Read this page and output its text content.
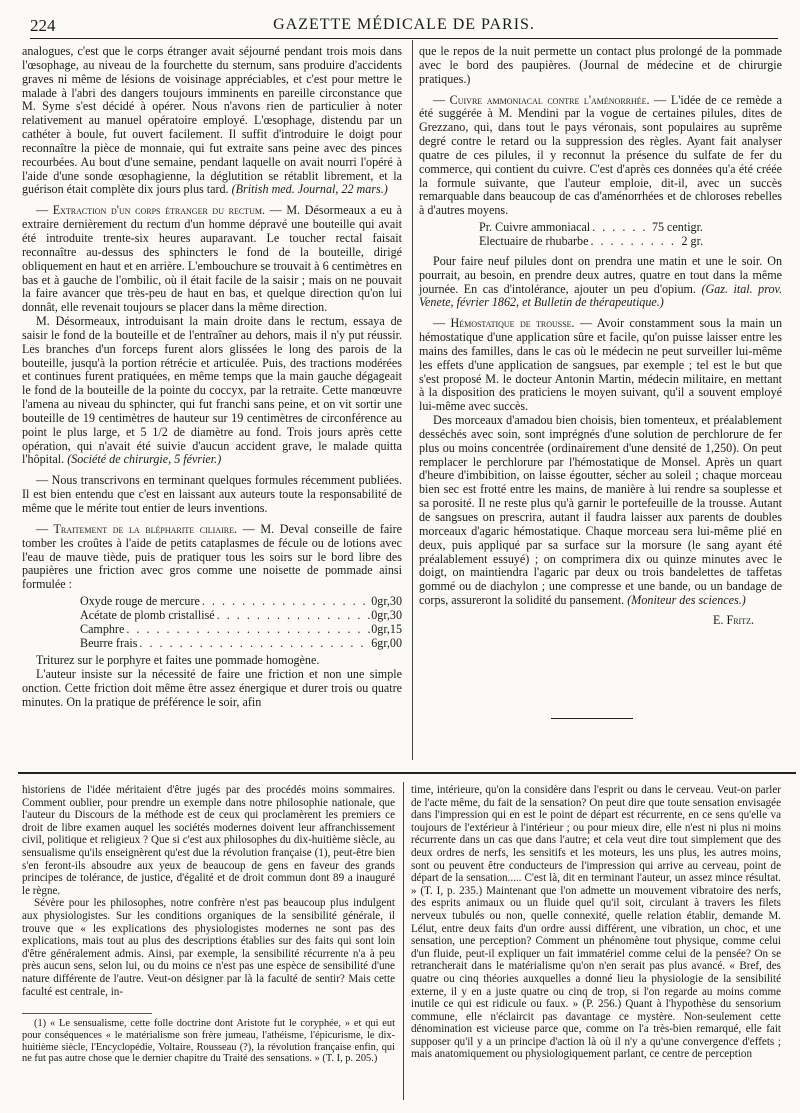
224	GAZETTE MÉDICALE DE PARIS.

analogues, c'est que le corps étranger avait séjourné pendant trois mois dans l'œsophage, au niveau de la fourchette du sternum, sans produire d'accidents graves ni même de lésions de voisinage appréciables, et c'est pour mettre le malade à l'abri des dangers toujours imminents en pareille circonstance que M. Syme s'est décidé à opérer. Nous n'avons rien de particulier à noter relativement au manuel opératoire employé. L'œsophage, distendu par un cathéter à boule, fut ouvert facilement. Il suffit d'introduire le doigt pour reconnaître la pièce de monnaie, qui fut extraite sans peine avec des pinces recourbées. Au bout d'une semaine, pendant laquelle on avait nourri l'opéré à l'aide d'une sonde œsophagienne, la déglutition se rétablit librement, et la guérison était complète dix jours plus tard. (British med. Journal, 22 mars.)

— Extraction d'un corps étranger du rectum. — M. Désormeaux a eu à extraire dernièrement du rectum d'un homme dépravé une bouteille qui avait été introduite trente-six heures auparavant. Le toucher rectal faisait reconnaître au-dessus des sphincters le fond de la bouteille, dirigé obliquement en haut et en arrière. L'embouchure se trouvait à 6 centimètres en bas et à gauche de l'ombilic, où il était facile de la saisir ; mais on ne pouvait la faire avancer que très-peu de haut en bas, et quelque direction qu'on lui donnât, elle revenait toujours se placer dans la même direction.

M. Désormeaux, introduisant la main droite dans le rectum, essaya de saisir le fond de la bouteille et de l'entraîner au dehors, mais il n'y put réussir. Les branches d'un forceps furent alors glissées le long des parois de la bouteille, jusqu'à la portion rétrécie et articulée. Puis, des tractions modérées et continues furent pratiquées, en même temps que la main gauche dégageait le fond de la bouteille de la pointe du coccyx, par la retraite. Cette manœuvre l'amena au niveau du sphincter, qui fut franchi sans peine, et on vit sortir une bouteille de 19 centimètres de hauteur sur 19 centimètres de circonférence au point le plus large, et 5 1/2 de diamètre au fond. Trois jours après cette opération, qui n'avait été suivie d'aucun accident grave, le malade quitta l'hôpital. (Société de chirurgie, 5 février.)

— Nous transcrivons en terminant quelques formules récemment publiées. Il est bien entendu que c'est en laissant aux auteurs toute la responsabilité de même que le mérite tout entier de leurs inventions.

— Traitement de la blépharite ciliaire. — M. Deval conseille de faire tomber les croûtes à l'aide de petits cataplasmes de fécule ou de lotions avec l'eau de mauve tiède, puis de pratiquer tous les soirs sur le bord libre des paupières une friction avec gros comme une noisette de pommade ainsi formulée :

Oxyde rouge de mercure . . .	0gr,30
Acétate de plomb cristallisé . . .	0gr,30
Camphre . . .	0gr,15
Beurre frais . . .	6gr,00

Triturez sur le porphyre et faites une pommade homogène.

L'auteur insiste sur la nécessité de faire une friction et non une simple onction. Cette friction doit même être assez énergique et durer trois ou quatre minutes. On la pratique de préférence le soir, afin

que le repos de la nuit permette un contact plus prolongé de la pommade avec le bord des paupières. (Journal de médecine et de chirurgie pratiques.)

— Cuivre ammoniacal contre l'aménorrhée. — L'idée de ce remède a été suggérée à M. Mendini par la vogue de certaines pilules, dites de Grezzano, qui, dans tout le pays véronais, sont populaires au suprême degré contre le retard ou la suppression des règles. Ayant fait analyser quatre de ces pilules, il y reconnut la présence du sulfate de fer du commerce, qui contient du cuivre. C'est d'après ces données qu'a été créée la formule suivante, que l'auteur emploie, dit-il, avec un succès remarquable dans beaucoup de cas d'aménorrhées et de chloroses rebelles à d'autres moyens.

Pr. Cuivre ammoniacal . . .	75 centigr.
Electuaire de rhubarbe . . .	2 gr.

Pour faire neuf pilules dont on prendra une matin et une le soir. On pourrait, au besoin, en prendre deux autres, quatre en tout dans la même journée. En cas d'intolérance, ajouter un peu d'opium. (Gaz. ital. prov. Venete, février 1862, et Bulletin de thérapeutique.)

— Hémostatique de trousse. — Avoir constamment sous la main un hémostatique d'une application sûre et facile, qu'on puisse laisser entre les mains des familles, dans le cas où le médecin ne peut surveiller lui-même les effets d'une application de sangsues, par exemple ; tel est le but que s'est proposé M. le docteur Antonin Martin, médecin militaire, en mettant à la disposition des praticiens le moyen suivant, qu'il a souvent employé lui-même avec succès.

Des morceaux d'amadou bien choisis, bien tomenteux, et préalablement desséchés avec soin, sont imprégnés d'une solution de perchlorure de fer plus ou moins concentrée (ordinairement d'une densité de 1,250). On peut remplacer le perchlorure par l'hémostatique de Monsel. Après un quart d'heure d'imbibition, on laisse égoutter, sécher au soleil ; chaque morceau bien sec est frotté entre les mains, de manière à lui rendre sa souplesse et sa porosité. Il ne reste plus qu'à garnir le portefeuille de la trousse. Autant de sangsues on prescrira, autant il faudra laisser aux parents de doubles morceaux d'agaric hémostatique. Chaque morceau sera lui-même plié en deux, puis appliqué par sa surface sur la morsure (le sang ayant été préalablement essuyé) ; on comprimera dix ou quinze minutes avec le doigt, on maintiendra l'agaric par deux ou trois bandelettes de taffetas gommé ou de diachylon ; une compresse et une bande, ou un bandage de corps, assureront la solidité du pansement. (Moniteur des sciences.)

E. Fritz.

historiens de l'idée méritaient d'être jugés par des procédés moins sommaires. Comment oublier, pour prendre un exemple dans notre philosophie nationale, que l'auteur du Discours de la méthode est de ceux qui proclamèrent les premiers ce droit de libre examen auquel les sociétés modernes doivent leur affranchissement civil, politique et religieux ? Que si c'est aux philosophes du dix-huitième siècle, au sensualisme qu'ils enseignèrent qu'est due la révolution française (1), peut-être bien s'en feront-ils absoudre aux yeux de beaucoup de gens en faveur des grands principes de tolérance, de justice, d'égalité et de droit commun dont 89 a inauguré le règne.

Sévère pour les philosophes, notre confrère n'est pas beaucoup plus indulgent aux physiologistes. Sur les conditions organiques de la sensibilité générale, il trouve que « les explications des physiologistes modernes ne sont pas des explications, mais tout au plus des descriptions établies sur des faits qui sont loin d'être généralement admis. Ainsi, par exemple, la sensibilité récurrente n'a à peu près aucun sens, selon lui, ou du moins ce n'est pas une espèce de sensibilité d'une nature différente de l'autre. Veut-on désigner par là la faculté de sentir? Mais cette faculté est centrale, in-

(1) « Le sensualisme, cette folle doctrine dont Aristote fut le coryphée, » et qui eut pour conséquences « le matérialisme son frère jumeau, l'athéisme, l'épicurisme, le dix-huitième siècle, l'Encyclopédie, Voltaire, Rousseau (?), la révolution française enfin, qui ne fut pas autre chose que le dernier chapitre du Traité des sensations. » (T. I, p. 205.)

time, intérieure, qu'on la considère dans l'esprit ou dans le cerveau. Veut-on parler de l'acte même, du fait de la sensation? On peut dire que toute sensation envisagée dans l'impression qui en est le point de départ est récurrente, en ce sens qu'elle va toujours de l'extérieur à l'intérieur ; ou pour mieux dire, elle n'est ni plus ni moins récurrente dans un cas que dans l'autre; et cela veut dire tout simplement que des deux ordres de nerfs, les sensitifs et les moteurs, les uns plus, les autres moins, sont ou peuvent être conducteurs de l'impression qui arrive au cerveau, point de départ de la sensation..... C'est là, dit en terminant l'auteur, un assez mince résultat. » (T. I, p. 235.) Maintenant que l'on admette un mouvement vibratoire des nerfs, des esprits animaux ou un fluide quel qu'il soit, circulant à travers les filets nerveux tubulés ou non, quelle connexité, quelle relation établir, demande M. Lélut, entre deux faits d'un ordre aussi différent, une vibration, un choc, et une sensation, une perception? Comment un phénomène tout physique, comme celui d'un fluide, peut-il expliquer un fait immatériel comme celui de la pensée? On se retrancherait dans le matérialisme qu'on n'en serait pas plus avancé. « Bref, des quatre ou cinq théories auxquelles a donné lieu la physiologie de la sensibilité externe, il y en a juste quatre ou cinq de trop, si l'on regarde au moins comme inutile ce qui est ridicule ou faux. » (P. 256.) Quant à l'hypothèse du sensorium commune, elle n'éclaircit pas davantage ce mystère. Non-seulement cette dénomination est vicieuse parce que, comme on l'a très-bien remarqué, elle fait supposer qu'il y a un principe d'action là où il n'y a qu'une convergence d'effets ; mais anatomiquement ou physiologiquement parlant, ce centre de perception
